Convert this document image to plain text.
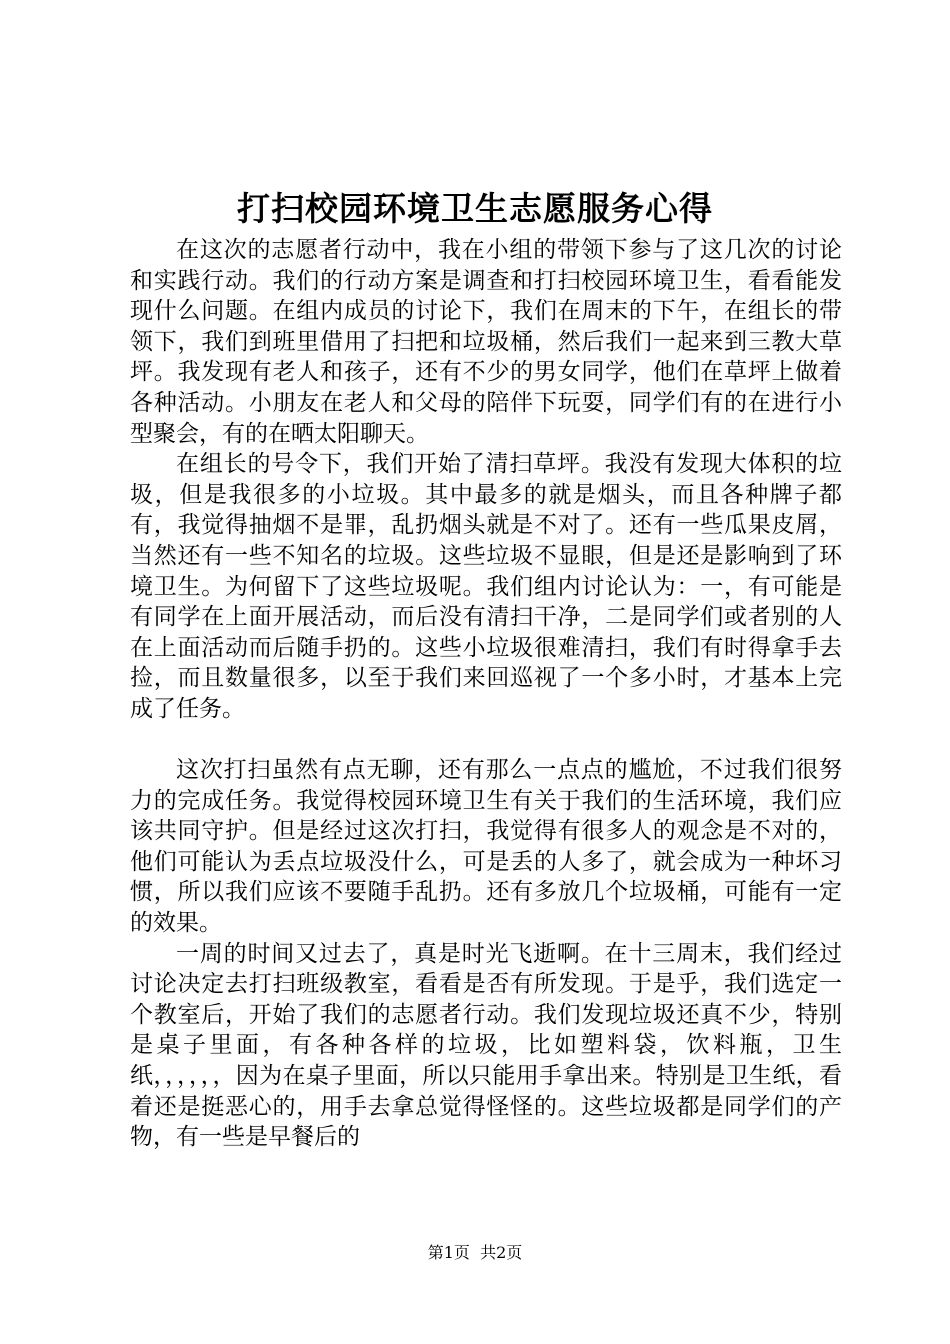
打扫校园环境卫生志愿服务心得

在这次的志愿者行动中，我在小组的带领下参与了这几次的讨论和实践行动。我们的行动方案是调查和打扫校园环境卫生，看看能发现什么问题。在组内成员的讨论下，我们在周末的下午，在组长的带领下，我们到班里借用了扫把和垃圾桶，然后我们一起来到三教大草坪。我发现有老人和孩子，还有不少的男女同学，他们在草坪上做着各种活动。小朋友在老人和父母的陪伴下玩耍，同学们有的在进行小型聚会，有的在晒太阳聊天。

在组长的号令下，我们开始了清扫草坪。我没有发现大体积的垃圾，但是我很多的小垃圾。其中最多的就是烟头，而且各种牌子都有，我觉得抽烟不是罪，乱扔烟头就是不对了。还有一些瓜果皮屑，当然还有一些不知名的垃圾。这些垃圾不显眼，但是还是影响到了环境卫生。为何留下了这些垃圾呢。我们组内讨论认为：一，有可能是有同学在上面开展活动，而后没有清扫干净，二是同学们或者别的人在上面活动而后随手扔的。这些小垃圾很难清扫，我们有时得拿手去捡，而且数量很多，以至于我们来回巡视了一个多小时，才基本上完成了任务。

这次打扫虽然有点无聊，还有那么一点点的尴尬，不过我们很努力的完成任务。我觉得校园环境卫生有关于我们的生活环境，我们应该共同守护。但是经过这次打扫，我觉得有很多人的观念是不对的，他们可能认为丢点垃圾没什么，可是丢的人多了，就会成为一种坏习惯，所以我们应该不要随手乱扔。还有多放几个垃圾桶，可能有一定的效果。

一周的时间又过去了，真是时光飞逝啊。在十三周末，我们经过讨论决定去打扫班级教室，看看是否有所发现。于是乎，我们选定一个教室后，开始了我们的志愿者行动。我们发现垃圾还真不少，特别是桌子里面，有各种各样的垃圾，比如塑料袋，饮料瓶，卫生纸，，，，，，因为在桌子里面，所以只能用手拿出来。特别是卫生纸，看着还是挺恶心的，用手去拿总觉得怪怪的。这些垃圾都是同学们的产物，有一些是早餐后的

第1页 共2页
